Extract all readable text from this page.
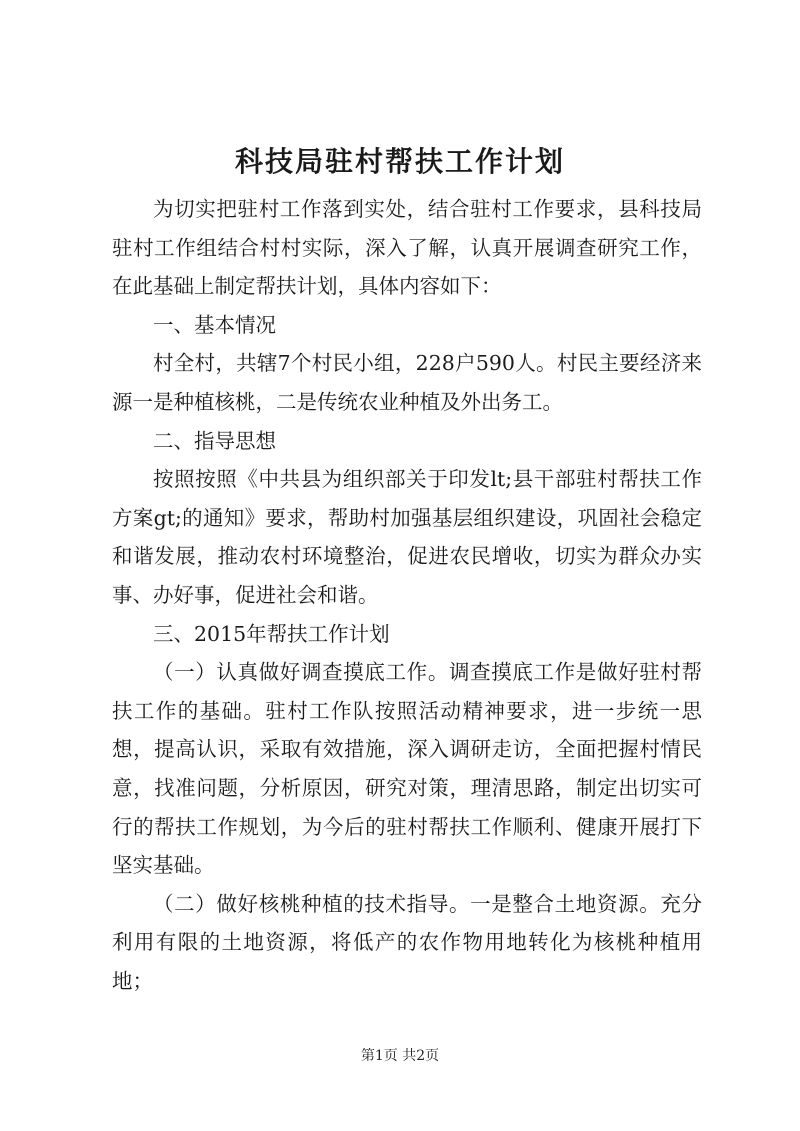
科技局驻村帮扶工作计划

为切实把驻村工作落到实处，结合驻村工作要求，县科技局驻村工作组结合村村实际，深入了解，认真开展调查研究工作，在此基础上制定帮扶计划，具体内容如下：

一、基本情况

村全村，共辖7个村民小组，228户590人。村民主要经济来源一是种植核桃，二是传统农业种植及外出务工。

二、指导思想

按照按照《中共县为组织部关于印发lt;县干部驻村帮扶工作方案gt;的通知》要求，帮助村加强基层组织建设，巩固社会稳定和谐发展，推动农村环境整治，促进农民增收，切实为群众办实事、办好事，促进社会和谐。

三、2015年帮扶工作计划

（一）认真做好调查摸底工作。调查摸底工作是做好驻村帮扶工作的基础。驻村工作队按照活动精神要求，进一步统一思想，提高认识，采取有效措施，深入调研走访，全面把握村情民意，找准问题，分析原因，研究对策，理清思路，制定出切实可行的帮扶工作规划，为今后的驻村帮扶工作顺利、健康开展打下坚实基础。

（二）做好核桃种植的技术指导。一是整合土地资源。充分利用有限的土地资源，将低产的农作物用地转化为核桃种植用地；

第1页 共2页
